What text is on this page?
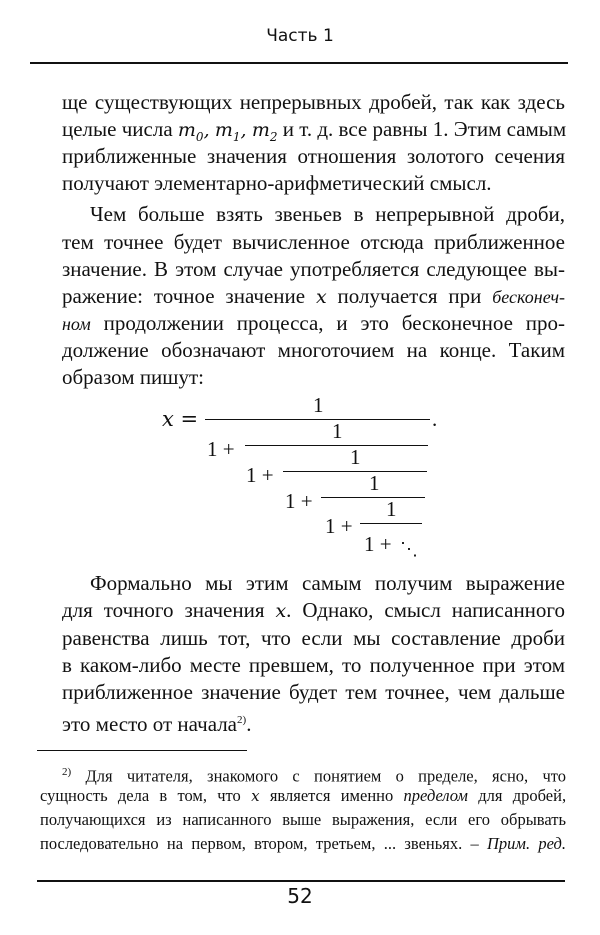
Часть 1
ще существующих непрерывных дробей, так как здесь
целые числа $m_0$, $m_1$, $m_2$ и т. д. все равны 1. Этим самым
приближенные значения отношения золотого сечения
получают элементарно-арифметический смысл.
Чем больше взять звеньев в непрерывной дроби,
тем точнее будет вычисленное отсюда приближенное
значение. В этом случае употребляется следующее вы-
ражение: точное значение x получается при бесконеч-
ном продолжении процесса, и это бесконечное про-
должение обозначают многоточием на конце. Таким
образом пишут:
x =
1
.
1 +
1
1 +
1
1 +
1
1 +
1
1 + ⋱
Формально мы этим самым получим выражение
для точного значения x. Однако, смысл написанного
равенства лишь тот, что если мы составление дроби
в каком-либо месте превшем, то полученное при этом
приближенное значение будет тем точнее, чем дальше
это место от начала$^{2)}$.
$^{2)}$ Для читателя, знакомого с понятием о пределе, ясно, что
сущность дела в том, что x является именно пределом для дробей,
получающихся из написанного выше выражения, если его обрывать
последовательно на первом, втором, третьем, ... звеньях. – Прим. ред.
52
